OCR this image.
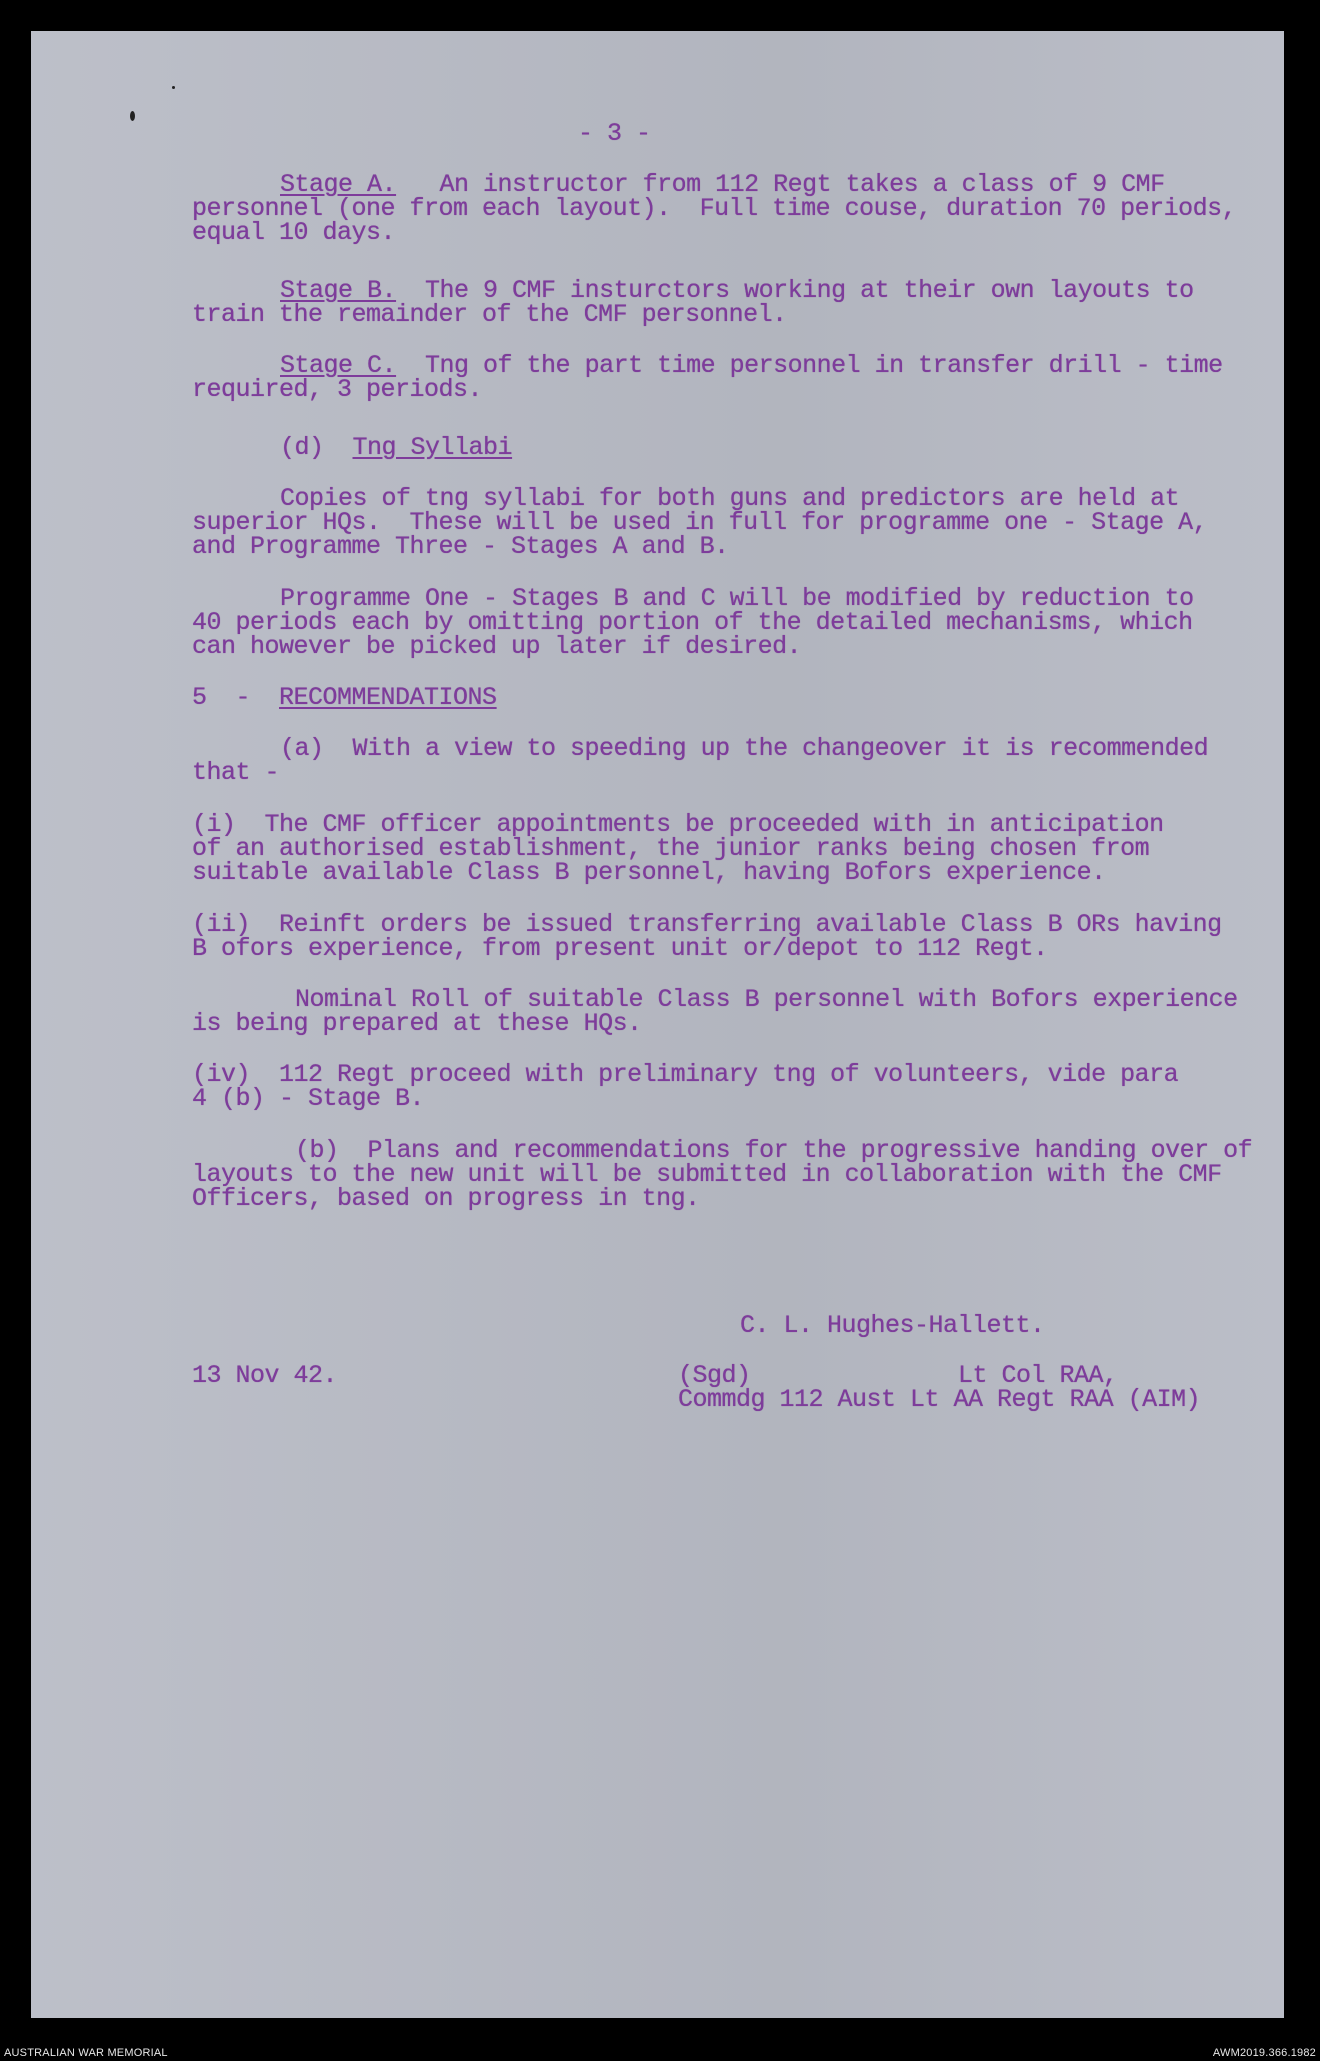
- 3 -

Stage A.   An instructor from 112 Regt takes a class of 9 CMF

personnel (one from each layout).  Full time couse, duration 70 periods,

equal 10 days.

Stage B.  The 9 CMF insturctors working at their own layouts to

train the remainder of the CMF personnel.

Stage C.  Tng of the part time personnel in transfer drill - time

required, 3 periods.

(d)  Tng Syllabi

Copies of tng syllabi for both guns and predictors are held at

superior HQs.  These will be used in full for programme one - Stage A,

and Programme Three - Stages A and B.

Programme One - Stages B and C will be modified by reduction to

40 periods each by omitting portion of the detailed mechanisms, which

can however be picked up later if desired.

5  -  RECOMMENDATIONS

(a)  With a view to speeding up the changeover it is recommended

that -

(i)  The CMF officer appointments be proceeded with in anticipation

of an authorised establishment, the junior ranks being chosen from

suitable available Class B personnel, having Bofors experience.

(ii)  Reinft orders be issued transferring available Class B ORs having

B ofors experience, from present unit or/depot to 112 Regt.

Nominal Roll of suitable Class B personnel with Bofors experience

is being prepared at these HQs.

(iv)  112 Regt proceed with preliminary tng of volunteers, vide para

4 (b) - Stage B.

(b)  Plans and recommendations for the progressive handing over of

layouts to the new unit will be submitted in collaboration with the CMF

Officers, based on progress in tng.

C. L. Hughes-Hallett.

13 Nov 42.	(Sgd)	Lt Col RAA,

Commdg 112 Aust Lt AA Regt RAA (AIM)

AUSTRALIAN WAR MEMORIAL	AWM2019.366.1982
